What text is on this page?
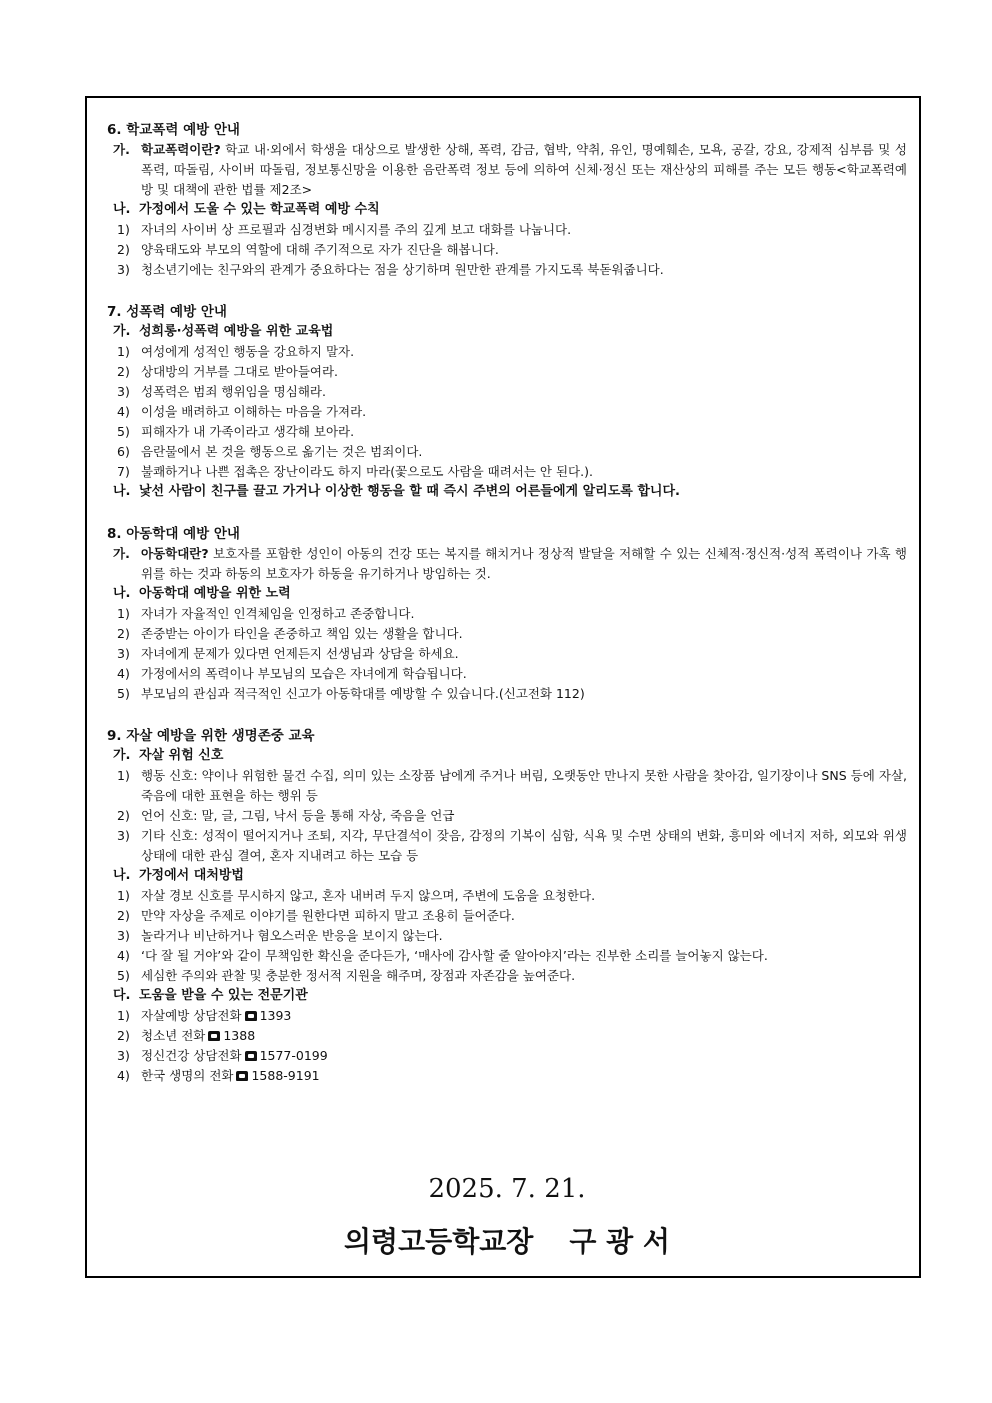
6. 학교폭력 예방 안내

가. 학교폭력이란? 학교 내·외에서 학생을 대상으로 발생한 상해, 폭력, 감금, 협박, 약취, 유인, 명예훼손, 모욕, 공갈, 강요, 강제적 심부름 및 성폭력, 따돌림, 사이버 따돌림, 정보통신망을 이용한 음란폭력 정보 등에 의하여 신체·정신 또는 재산상의 피해를 주는 모든 행동<학교폭력예방 및 대책에 관한 법률 제2조>

나. 가정에서 도울 수 있는 학교폭력 예방 수칙

1) 자녀의 사이버 상 프로필과 심경변화 메시지를 주의 깊게 보고 대화를 나눕니다.

2) 양육태도와 부모의 역할에 대해 주기적으로 자가 진단을 해봅니다.

3) 청소년기에는 친구와의 관계가 중요하다는 점을 상기하며 원만한 관계를 가지도록 북돋워줍니다.

7. 성폭력 예방 안내
가. 성희롱·성폭력 예방을 위한 교육법

1) 여성에게 성적인 행동을 강요하지 말자.

2) 상대방의 거부를 그대로 받아들여라.

3) 성폭력은 범죄 행위임을 명심해라.

4) 이성을 배려하고 이해하는 마음을 가져라.

5) 피해자가 내 가족이라고 생각해 보아라.

6) 음란물에서 본 것을 행동으로 옮기는 것은 범죄이다.

7) 불쾌하거나 나쁜 접촉은 장난이라도 하지 마라(꽃으로도 사람을 때려서는 안 된다.).

나. 낯선 사람이 친구를 끌고 가거나 이상한 행동을 할 때 즉시 주변의 어른들에게 알리도록 합니다.
8. 아동학대 예방 안내

가. 아동학대란? 보호자를 포함한 성인이 아동의 건강 또는 복지를 해치거나 정상적 발달을 저해할 수 있는 신체적·정신적·성적 폭력이나 가혹 행위를 하는 것과 하동의 보호자가 하동을 유기하거나 방임하는 것.

나. 아동학대 예방을 위한 노력

1) 자녀가 자율적인 인격체임을 인정하고 존중합니다.

2) 존중받는 아이가 타인을 존중하고 책임 있는 생활을 합니다.

3) 자녀에게 문제가 있다면 언제든지 선생님과 상담을 하세요.

4) 가정에서의 폭력이나 부모님의 모습은 자녀에게 학습됩니다.

5) 부모님의 관심과 적극적인 신고가 아동학대를 예방할 수 있습니다.(신고전화 112)

9. 자살 예방을 위한 생명존중 교육
가. 자살 위험 신호

1) 행동 신호: 약이나 위험한 물건 수집, 의미 있는 소장품 남에게 주거나 버림, 오랫동안 만나지 못한 사람을 찾아감, 일기장이나 SNS 등에 자살, 죽음에 대한 표현을 하는 행위 등

2) 언어 신호: 말, 글, 그림, 낙서 등을 통해 자상, 죽음을 언급

3) 기타 신호: 성적이 떨어지거나 조퇴, 지각, 무단결석이 잦음, 감정의 기복이 심함, 식욕 및 수면 상태의 변화, 흥미와 에너지 저하, 외모와 위생 상태에 대한 관심 결여, 혼자 지내려고 하는 모습 등

나. 가정에서 대처방법

1) 자살 경보 신호를 무시하지 않고, 혼자 내버려 두지 않으며, 주변에 도움을 요청한다.

2) 만약 자상을 주제로 이야기를 원한다면 피하지 말고 조용히 들어준다.

3) 놀라거나 비난하거나 혐오스러운 반응을 보이지 않는다.

4) ‘다 잘 될 거야’와 같이 무책임한 확신을 준다든가, ‘매사에 감사할 줄 알아야지’라는 진부한 소리를 늘어놓지 않는다.

5) 세심한 주의와 관찰 및 충분한 정서적 지원을 해주며, 장점과 자존감을 높여준다.

다. 도움을 받을 수 있는 전문기관

1) 자살예방 상담전화 1393

2) 청소년 전화 1388

3) 정신건강 상담전화 1577-0199

4) 한국 생명의 전화 1588-9191

2025. 7. 21.
의령고등학교장 구 광 서
